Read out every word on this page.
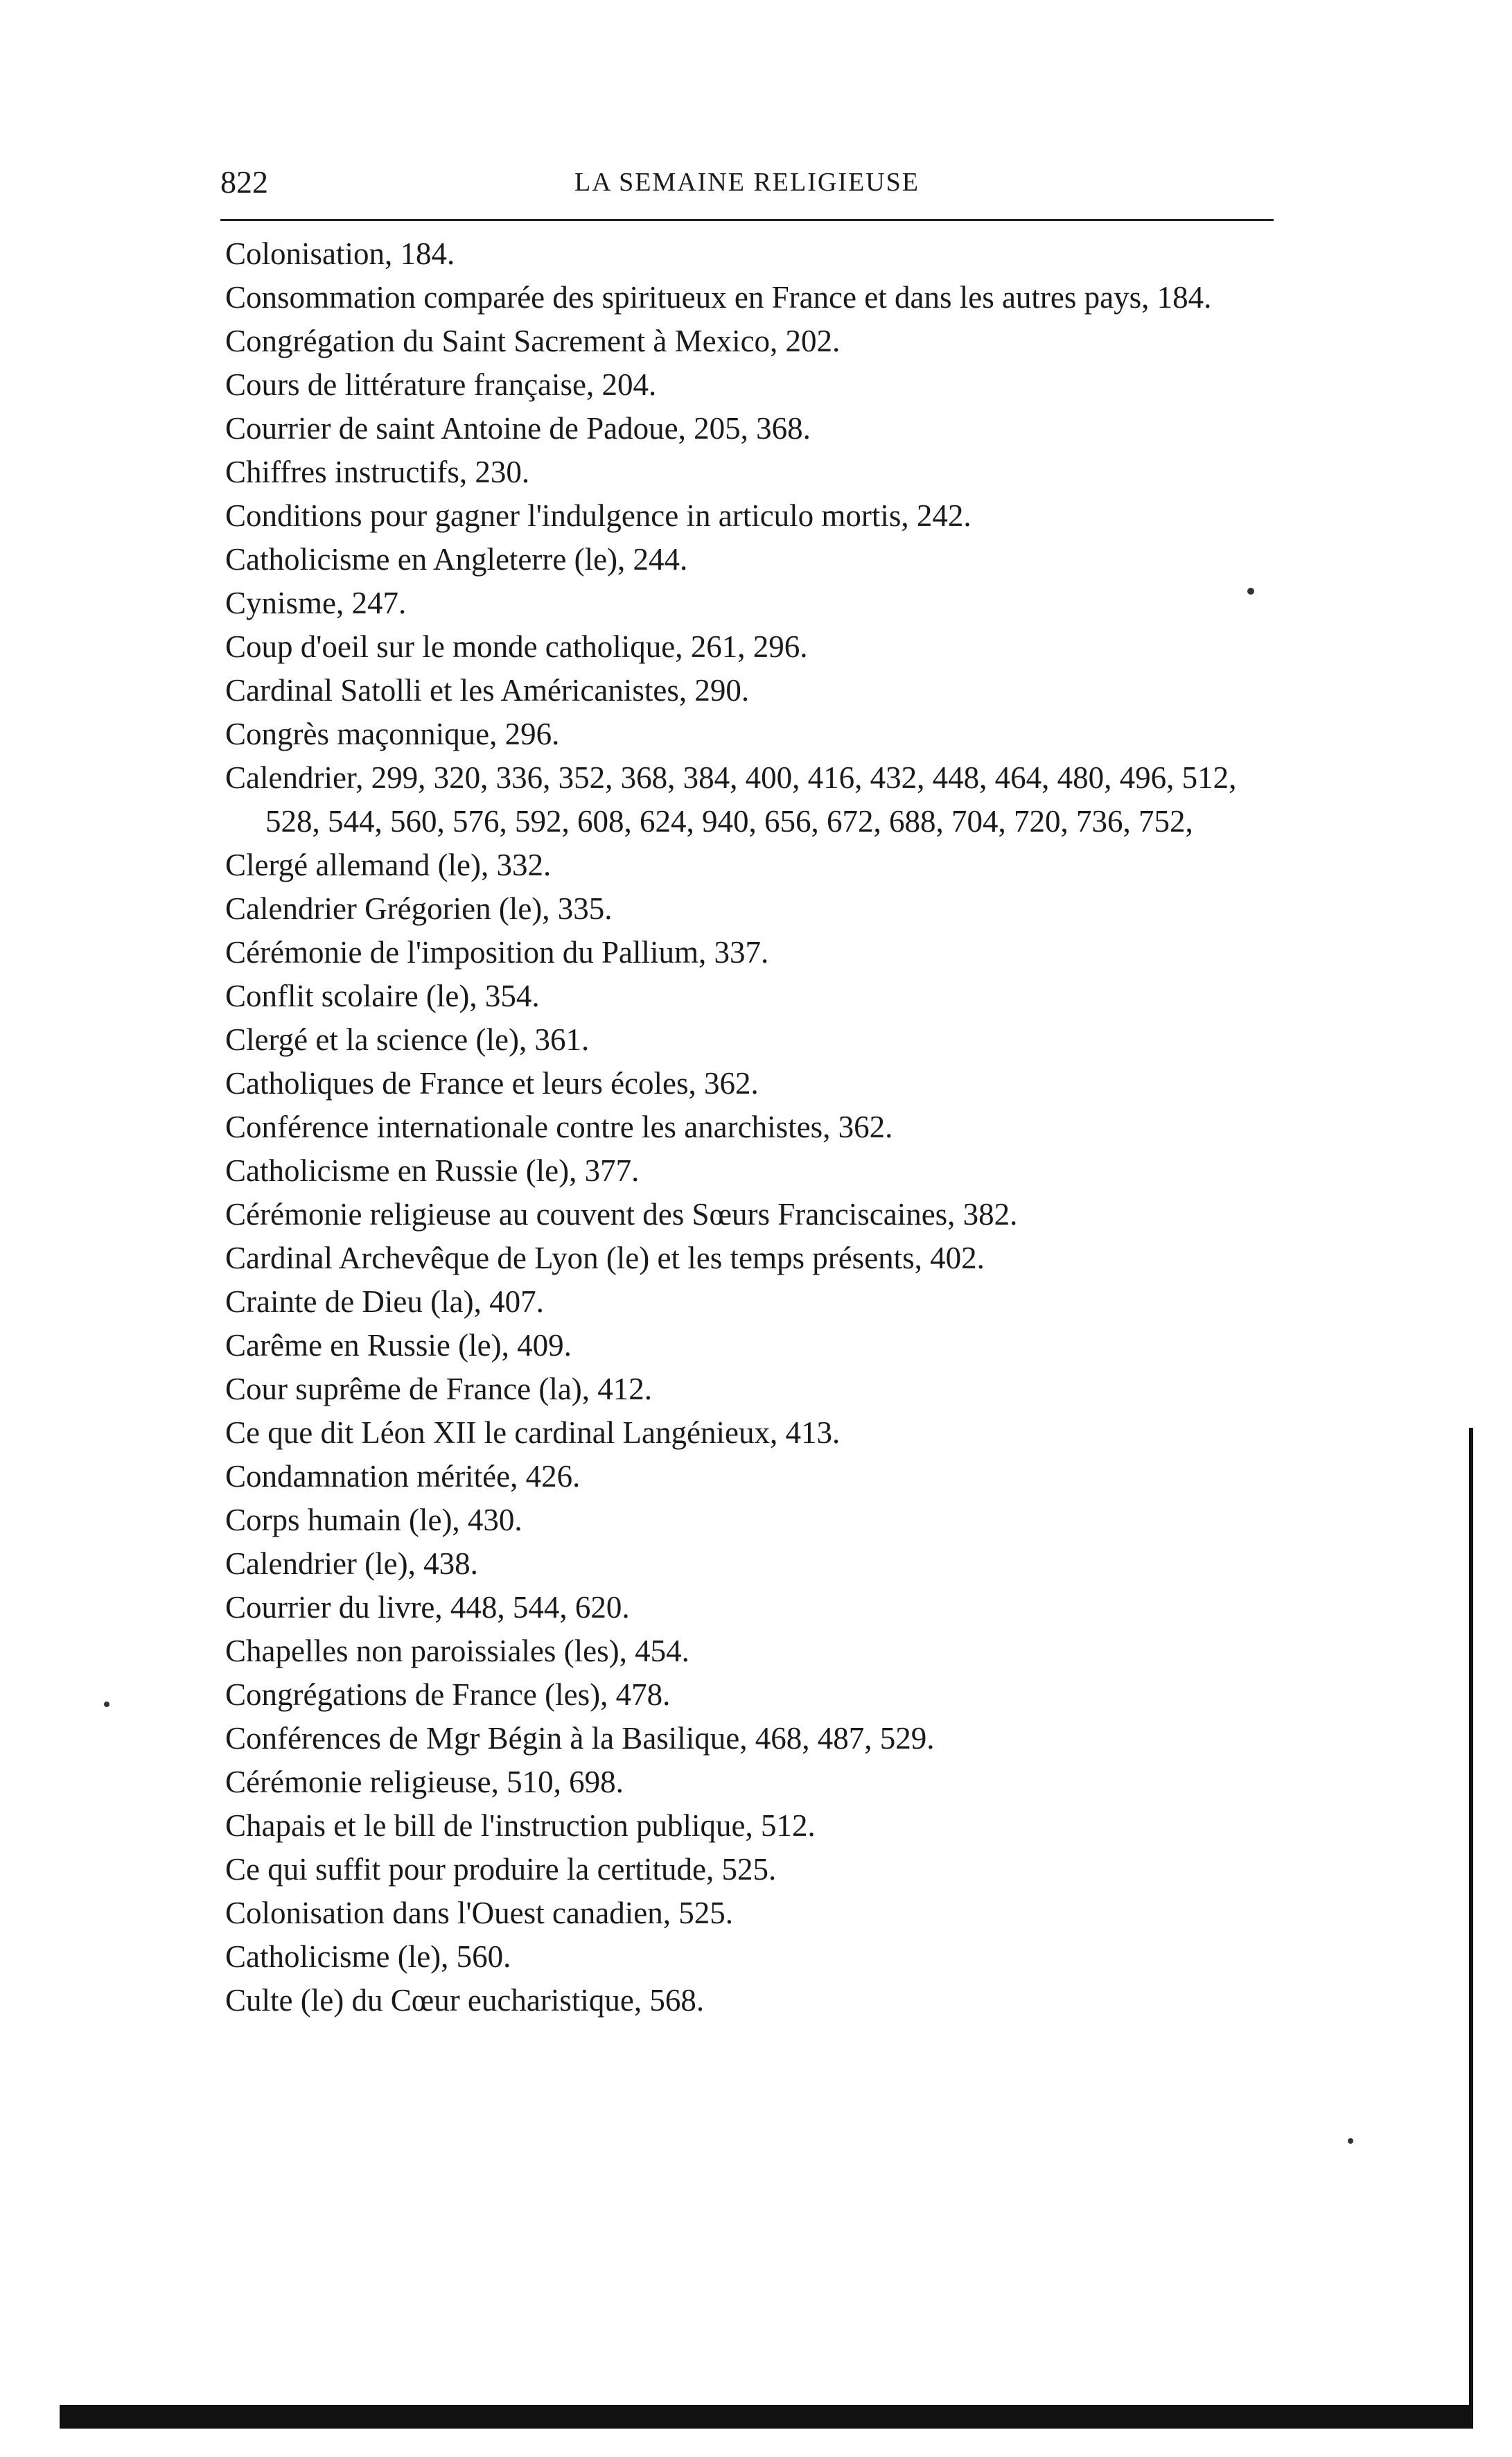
822	LA SEMAINE RELIGIEUSE
Colonisation, 184.
Consommation comparée des spiritueux en France et dans les autres pays, 184.
Congrégation du Saint Sacrement à Mexico, 202.
Cours de littérature française, 204.
Courrier de saint Antoine de Padoue, 205, 368.
Chiffres instructifs, 230.
Conditions pour gagner l'indulgence in articulo mortis, 242.
Catholicisme en Angleterre (le), 244.
Cynisme, 247.
Coup d'oeil sur le monde catholique, 261, 296.
Cardinal Satolli et les Américanistes, 290.
Congrès maçonnique, 296.
Calendrier, 299, 320, 336, 352, 368, 384, 400, 416, 432, 448, 464, 480, 496, 512, 528, 544, 560, 576, 592, 608, 624, 940, 656, 672, 688, 704, 720, 736, 752,
Clergé allemand (le), 332.
Calendrier Grégorien (le), 335.
Cérémonie de l'imposition du Pallium, 337.
Conflit scolaire (le), 354.
Clergé et la science (le), 361.
Catholiques de France et leurs écoles, 362.
Conférence internationale contre les anarchistes, 362.
Catholicisme en Russie (le), 377.
Cérémonie religieuse au couvent des Sœurs Franciscaines, 382.
Cardinal Archevêque de Lyon (le) et les temps présents, 402.
Crainte de Dieu (la), 407.
Carême en Russie (le), 409.
Cour suprême de France (la), 412.
Ce que dit Léon XII le cardinal Langénieux, 413.
Condamnation méritée, 426.
Corps humain (le), 430.
Calendrier (le), 438.
Courrier du livre, 448, 544, 620.
Chapelles non paroissiales (les), 454.
Congrégations de France (les), 478.
Conférences de Mgr Bégin à la Basilique, 468, 487, 529.
Cérémonie religieuse, 510, 698.
Chapais et le bill de l'instruction publique, 512.
Ce qui suffit pour produire la certitude, 525.
Colonisation dans l'Ouest canadien, 525.
Catholicisme (le), 560.
Culte (le) du Cœur eucharistique, 568.
